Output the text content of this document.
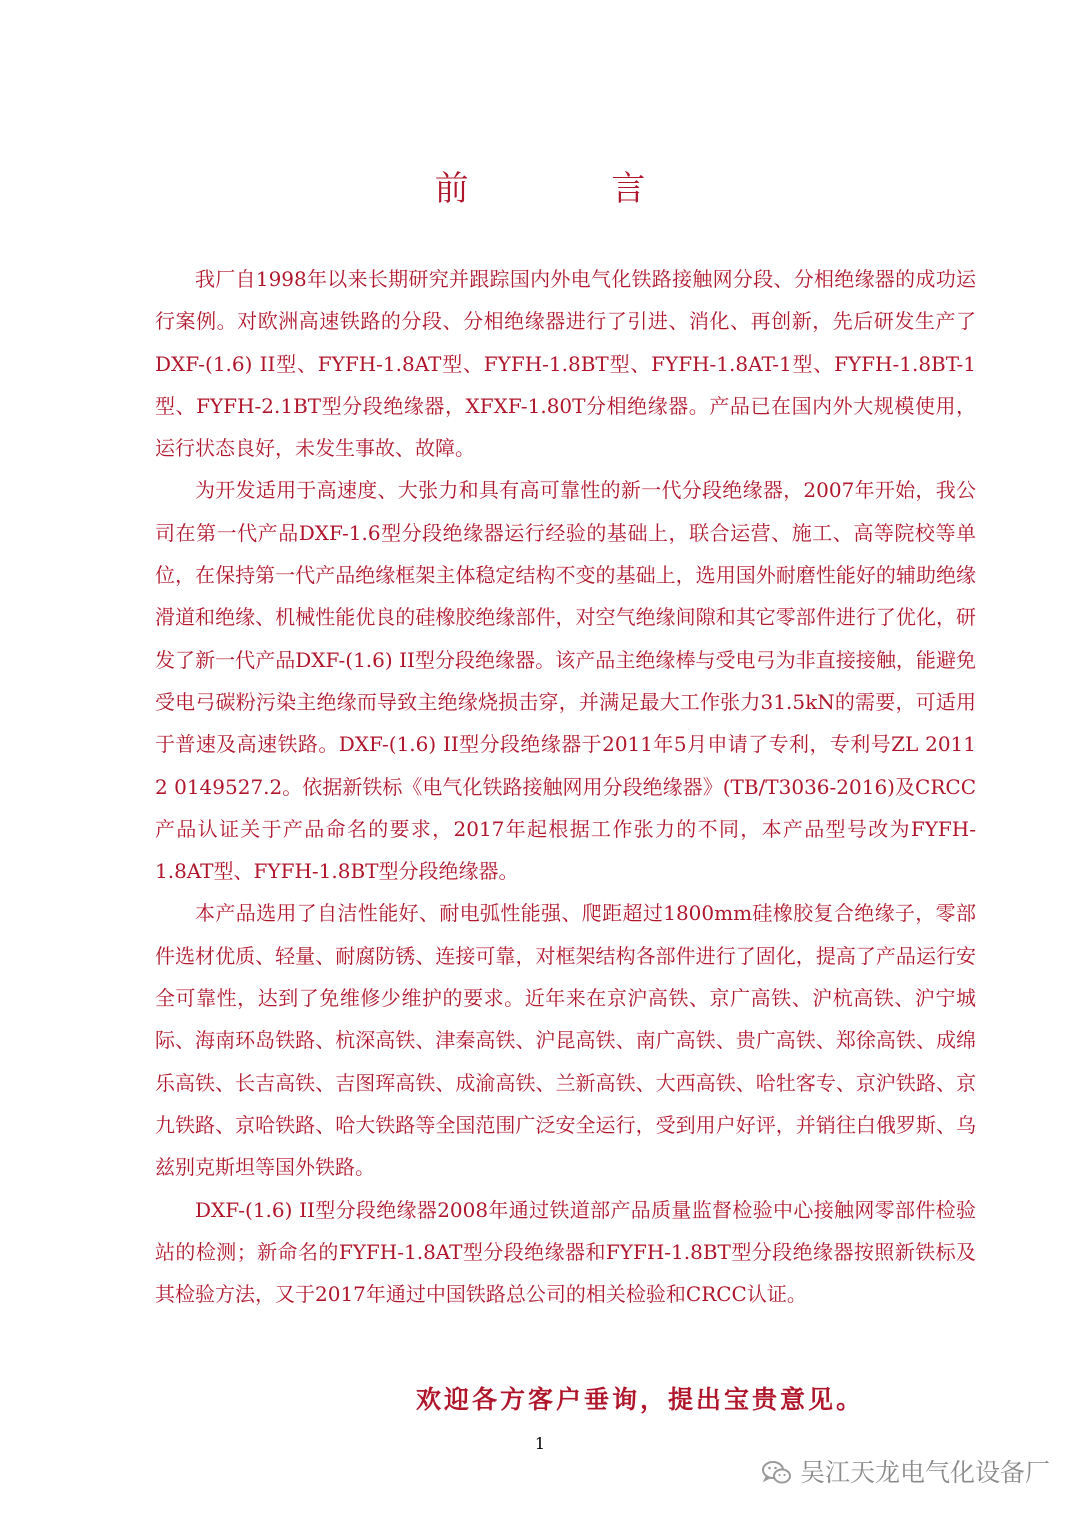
前 言

我厂自1998年以来长期研究并跟踪国内外电气化铁路接触网分段、分相绝缘器的成功运行案例。对欧洲高速铁路的分段、分相绝缘器进行了引进、消化、再创新，先后研发生产了 DXF-(1.6) II型、FYFH-1.8AT型、FYFH-1.8BT型、FYFH-1.8AT-1型、FYFH-1.8BT-1型、FYFH-2.1BT型分段绝缘器，XFXF-1.80T分相绝缘器。产品已在国内外大规模使用，运行状态良好，未发生事故、故障。

为开发适用于高速度、大张力和具有高可靠性的新一代分段绝缘器，2007年开始，我公司在第一代产品DXF-1.6型分段绝缘器运行经验的基础上，联合运营、施工、高等院校等单位，在保持第一代产品绝缘框架主体稳定结构不变的基础上，选用国外耐磨性能好的辅助绝缘滑道和绝缘、机械性能优良的硅橡胶绝缘部件，对空气绝缘间隙和其它零部件进行了优化，研发了新一代产品DXF-(1.6) II型分段绝缘器。该产品主绝缘棒与受电弓为非直接接触，能避免受电弓碳粉污染主绝缘而导致主绝缘烧损击穿，并满足最大工作张力31.5kN的需要，可适用于普速及高速铁路。DXF-(1.6) II型分段绝缘器于2011年5月申请了专利，专利号ZL 2011 2 0149527.2。依据新铁标《电气化铁路接触网用分段绝缘器》(TB/T3036-2016)及CRCC产品认证关于产品命名的要求，2017年起根据工作张力的不同，本产品型号改为FYFH-1.8AT型、FYFH-1.8BT型分段绝缘器。

本产品选用了自洁性能好、耐电弧性能强、爬距超过1800mm硅橡胶复合绝缘子，零部件选材优质、轻量、耐腐防锈、连接可靠，对框架结构各部件进行了固化，提高了产品运行安全可靠性，达到了免维修少维护的要求。近年来在京沪高铁、京广高铁、沪杭高铁、沪宁城际、海南环岛铁路、杭深高铁、津秦高铁、沪昆高铁、南广高铁、贵广高铁、郑徐高铁、成绵乐高铁、长吉高铁、吉图珲高铁、成渝高铁、兰新高铁、大西高铁、哈牡客专、京沪铁路、京九铁路、京哈铁路、哈大铁路等全国范围广泛安全运行，受到用户好评，并销往白俄罗斯、乌兹别克斯坦等国外铁路。

DXF-(1.6) II型分段绝缘器2008年通过铁道部产品质量监督检验中心接触网零部件检验站的检测；新命名的FYFH-1.8AT型分段绝缘器和FYFH-1.8BT型分段绝缘器按照新铁标及其检验方法，又于2017年通过中国铁路总公司的相关检验和CRCC认证。

欢迎各方客户垂询，提出宝贵意见。
1
吴江天龙电气化设备厂
